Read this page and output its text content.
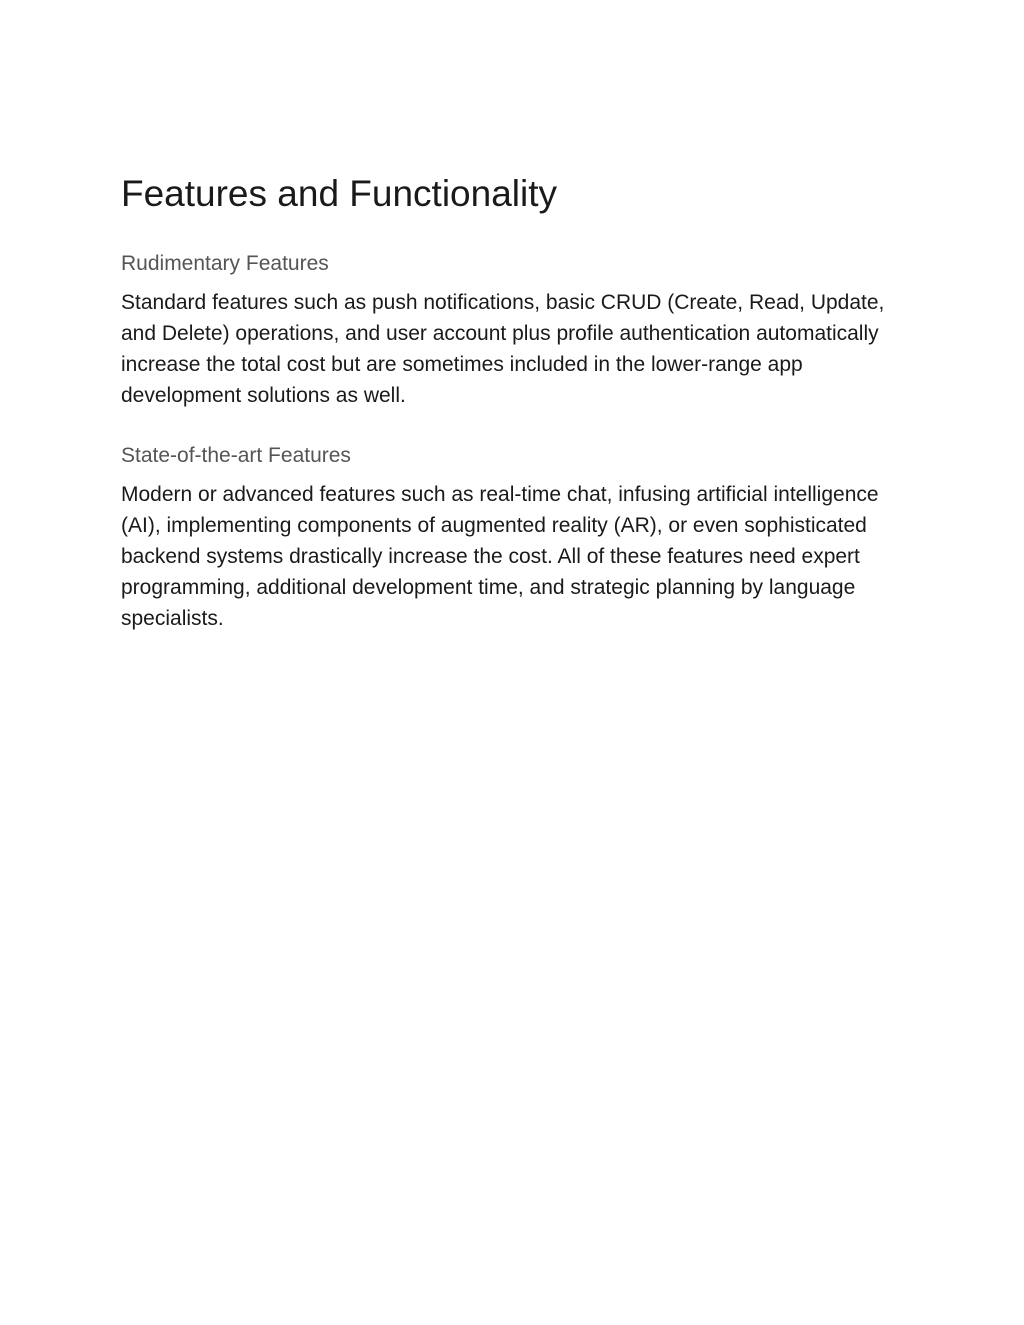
Features and Functionality
Rudimentary Features

Standard features such as push notifications, basic CRUD (Create, Read, Update, and Delete) operations, and user account plus profile authentication automatically increase the total cost but are sometimes included in the lower-range app development solutions as well.

State-of-the-art Features

Modern or advanced features such as real-time chat, infusing artificial intelligence (AI), implementing components of augmented reality (AR), or even sophisticated backend systems drastically increase the cost. All of these features need expert programming, additional development time, and strategic planning by language specialists.
